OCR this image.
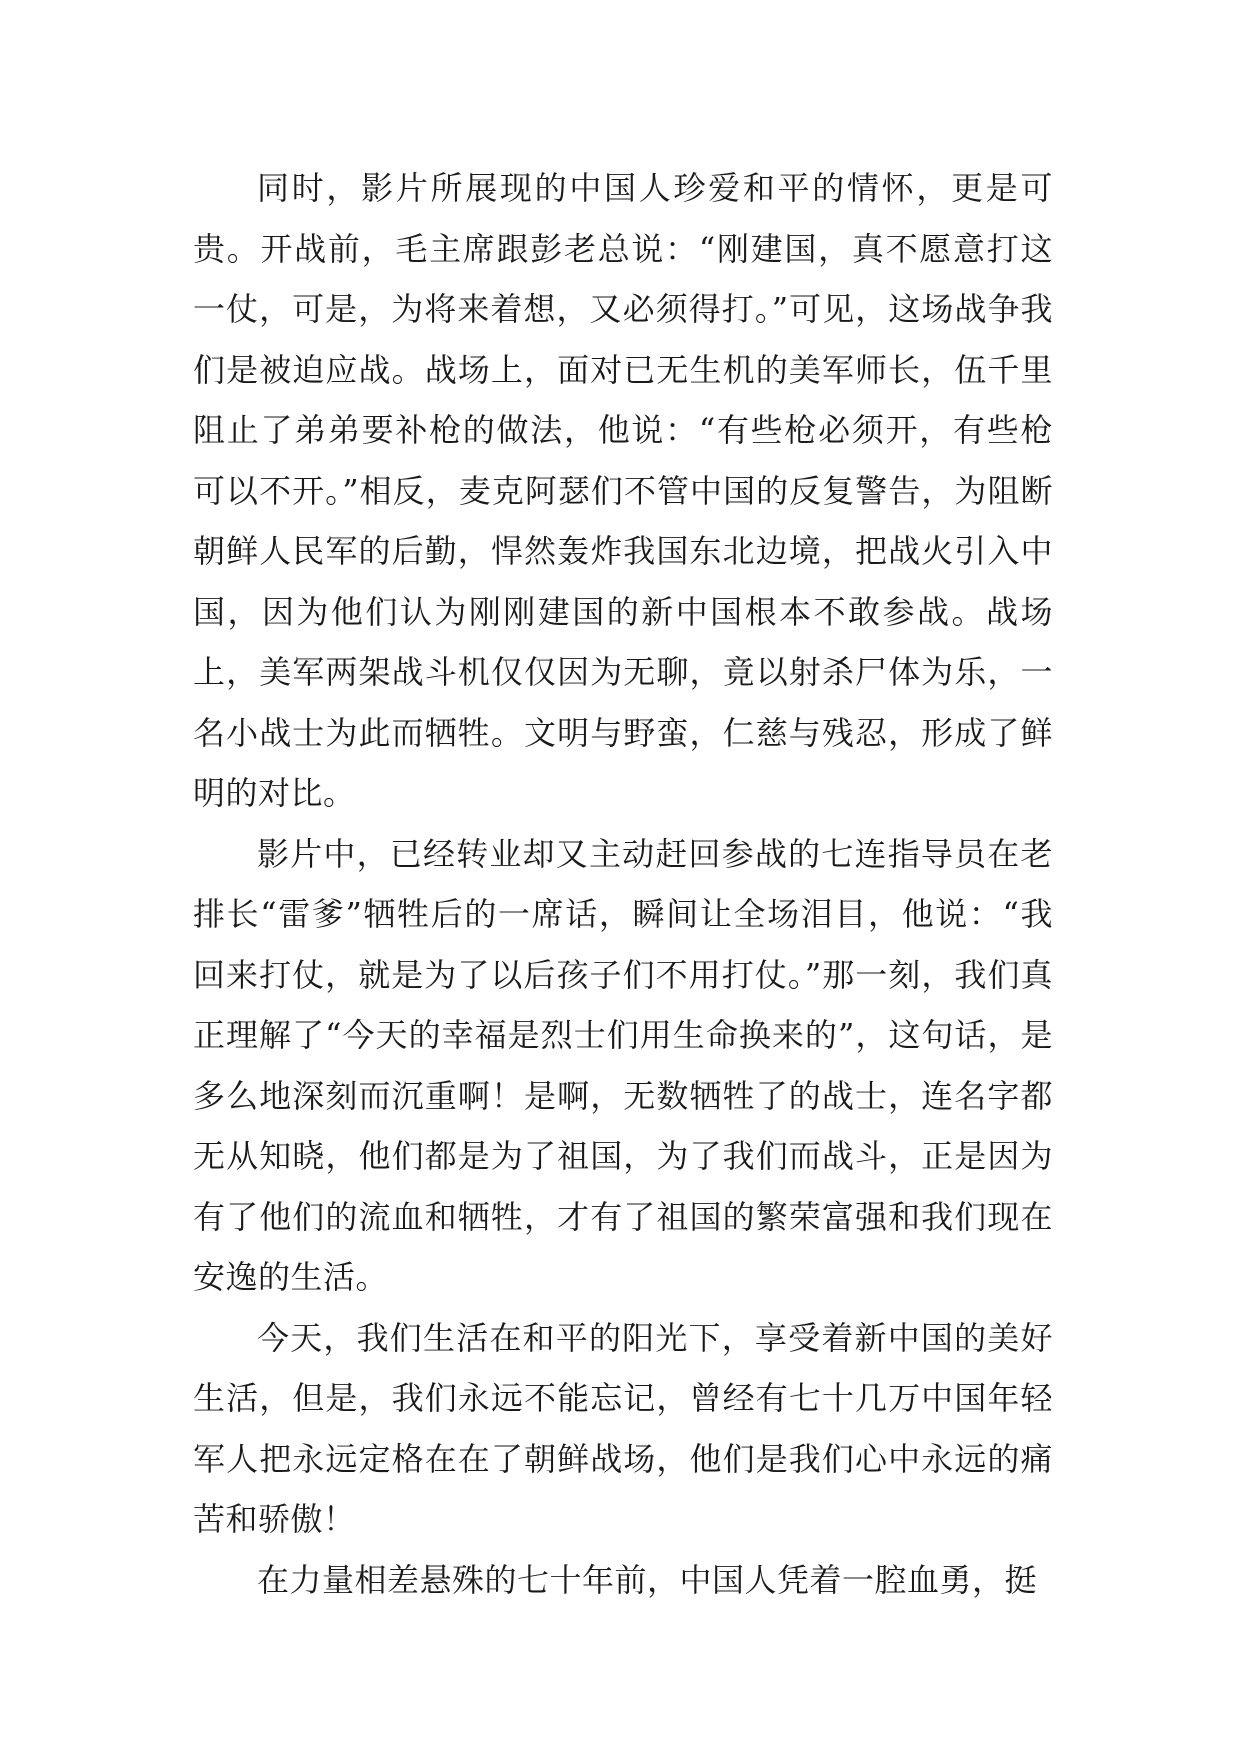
同时，影片所展现的中国人珍爱和平的情怀，更是可贵。开战前，毛主席跟彭老总说：“刚建国，真不愿意打这一仗，可是，为将来着想，又必须得打。”可见，这场战争我们是被迫应战。战场上，面对已无生机的美军师长，伍千里阻止了弟弟要补枪的做法，他说：“有些枪必须开，有些枪可以不开。”相反，麦克阿瑟们不管中国的反复警告，为阻断朝鲜人民军的后勤，悍然轰炸我国东北边境，把战火引入中国，因为他们认为刚刚建国的新中国根本不敢参战。战场上，美军两架战斗机仅仅因为无聊，竟以射杀尸体为乐，一名小战士为此而牺牲。文明与野蛮，仁慈与残忍，形成了鲜明的对比。

影片中，已经转业却又主动赶回参战的七连指导员在老排长“雷爹”牺牲后的一席话，瞬间让全场泪目，他说：“我回来打仗，就是为了以后孩子们不用打仗。”那一刻，我们真正理解了“今天的幸福是烈士们用生命换来的”，这句话，是多么地深刻而沉重啊！是啊，无数牺牲了的战士，连名字都无从知晓，他们都是为了祖国，为了我们而战斗，正是因为有了他们的流血和牺牲，才有了祖国的繁荣富强和我们现在安逸的生活。

今天，我们生活在和平的阳光下，享受着新中国的美好生活，但是，我们永远不能忘记，曾经有七十几万中国年轻军人把永远定格在在了朝鲜战场，他们是我们心中永远的痛苦和骄傲！

在力量相差悬殊的七十年前，中国人凭着一腔血勇，挺
